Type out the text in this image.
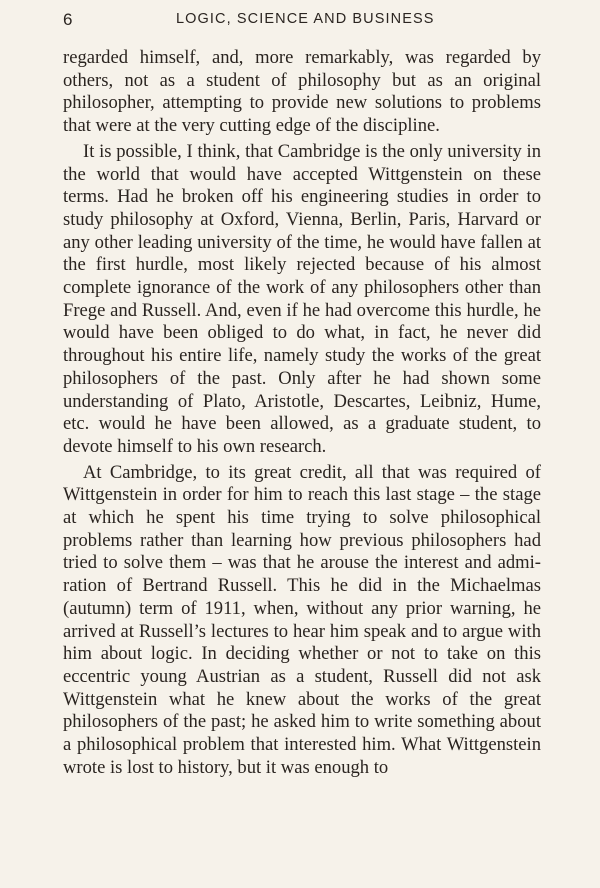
6	LOGIC, SCIENCE AND BUSINESS

regarded himself, and, more remarkably, was regarded by others, not as a student of philosophy but as an original philosopher, attempting to provide new solutions to problems that were at the very cutting edge of the discipline.

It is possible, I think, that Cambridge is the only university in the world that would have accepted Wittgenstein on these terms. Had he broken off his engineering studies in order to study philosophy at Oxford, Vienna, Berlin, Paris, Harvard or any other leading university of the time, he would have fallen at the first hurdle, most likely rejected because of his almost complete ignorance of the work of any philosophers other than Frege and Russell. And, even if he had overcome this hurdle, he would have been obliged to do what, in fact, he never did throughout his entire life, namely study the works of the great philosophers of the past. Only after he had shown some understanding of Plato, Aristotle, Descartes, Leibniz, Hume, etc. would he have been allowed, as a graduate student, to devote himself to his own research.

At Cambridge, to its great credit, all that was required of Wittgenstein in order for him to reach this last stage – the stage at which he spent his time trying to solve philosophical problems rather than learning how previous philosophers had tried to solve them – was that he arouse the interest and admiration of Bertrand Russell. This he did in the Michaelmas (autumn) term of 1911, when, without any prior warning, he arrived at Russell’s lectures to hear him speak and to argue with him about logic. In deciding whether or not to take on this eccentric young Austrian as a student, Russell did not ask Wittgenstein what he knew about the works of the great philosophers of the past; he asked him to write something about a philosophical problem that interested him. What Wittgenstein wrote is lost to history, but it was enough to
